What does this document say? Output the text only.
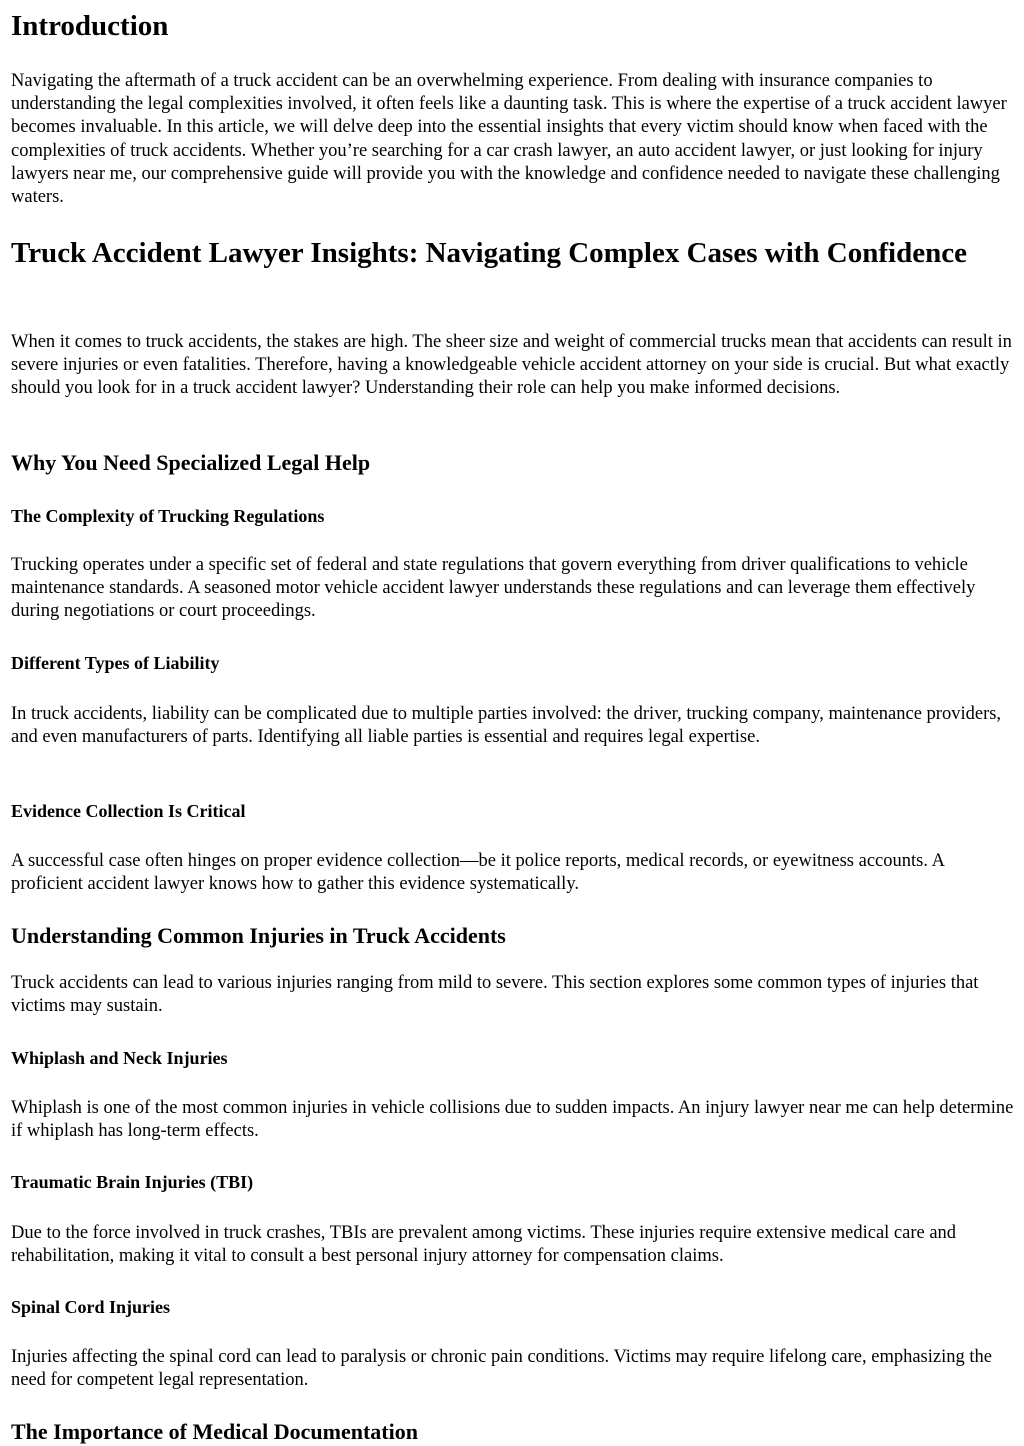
Introduction

Navigating the aftermath of a truck accident can be an overwhelming experience. From dealing with insurance companies to understanding the legal complexities involved, it often feels like a daunting task. This is where the expertise of a truck accident lawyer becomes invaluable. In this article, we will delve deep into the essential insights that every victim should know when faced with the complexities of truck accidents. Whether you’re searching for a car crash lawyer, an auto accident lawyer, or just looking for injury lawyers near me, our comprehensive guide will provide you with the knowledge and confidence needed to navigate these challenging waters.

Truck Accident Lawyer Insights: Navigating Complex Cases with Confidence

When it comes to truck accidents, the stakes are high. The sheer size and weight of commercial trucks mean that accidents can result in severe injuries or even fatalities. Therefore, having a knowledgeable vehicle accident attorney on your side is crucial. But what exactly should you look for in a truck accident lawyer? Understanding their role can help you make informed decisions.

Why You Need Specialized Legal Help
The Complexity of Trucking Regulations

Trucking operates under a specific set of federal and state regulations that govern everything from driver qualifications to vehicle maintenance standards. A seasoned motor vehicle accident lawyer understands these regulations and can leverage them effectively during negotiations or court proceedings.

Different Types of Liability

In truck accidents, liability can be complicated due to multiple parties involved: the driver, trucking company, maintenance providers, and even manufacturers of parts. Identifying all liable parties is essential and requires legal expertise.

Evidence Collection Is Critical

A successful case often hinges on proper evidence collection—be it police reports, medical records, or eyewitness accounts. A proficient accident lawyer knows how to gather this evidence systematically.

Understanding Common Injuries in Truck Accidents

Truck accidents can lead to various injuries ranging from mild to severe. This section explores some common types of injuries that victims may sustain.

Whiplash and Neck Injuries

Whiplash is one of the most common injuries in vehicle collisions due to sudden impacts. An injury lawyer near me can help determine if whiplash has long-term effects.

Traumatic Brain Injuries (TBI)

Due to the force involved in truck crashes, TBIs are prevalent among victims. These injuries require extensive medical care and rehabilitation, making it vital to consult a best personal injury attorney for compensation claims.

Spinal Cord Injuries

Injuries affecting the spinal cord can lead to paralysis or chronic pain conditions. Victims may require lifelong care, emphasizing the need for competent legal representation.

The Importance of Medical Documentation
